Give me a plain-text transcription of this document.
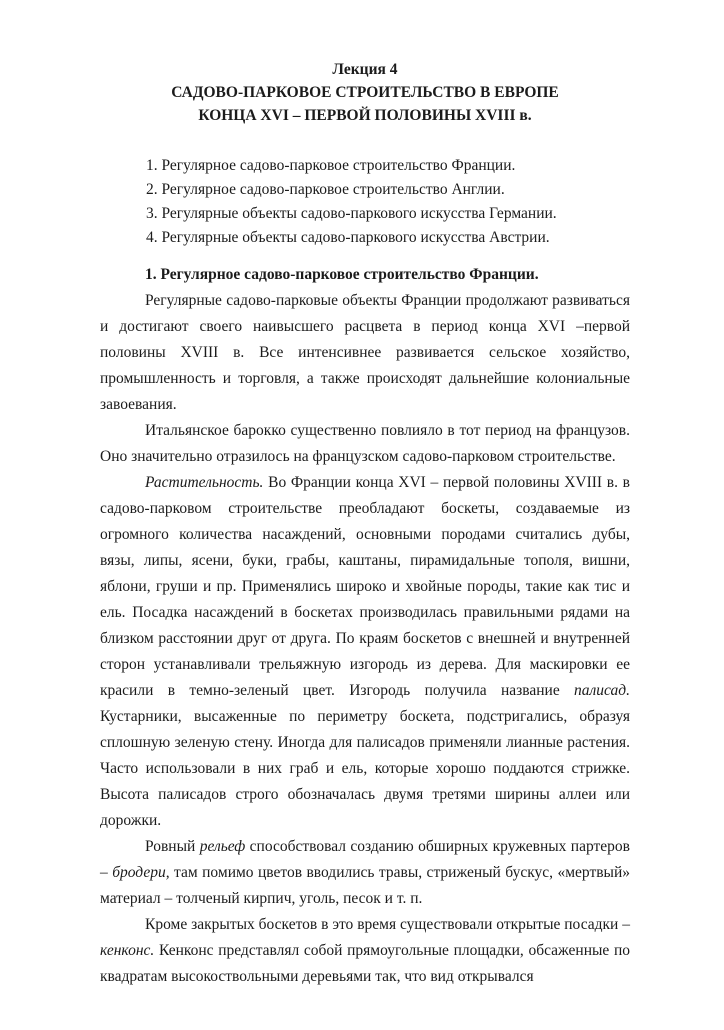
Лекция 4
САДОВО-ПАРКОВОЕ СТРОИТЕЛЬСТВО В ЕВРОПЕ
КОНЦА XVI – ПЕРВОЙ ПОЛОВИНЫ XVIII в.
1. Регулярное садово-парковое строительство Франции.
2. Регулярное садово-парковое строительство Англии.
3. Регулярные объекты садово-паркового искусства Германии.
4. Регулярные объекты садово-паркового искусства Австрии.
1. Регулярное садово-парковое строительство Франции.

Регулярные садово-парковые объекты Франции продолжают развиваться и достигают своего наивысшего расцвета в период конца XVI –первой половины XVIII в. Все интенсивнее развивается сельское хозяйство, промышленность и торговля, а также происходят дальнейшие колониальные завоевания.

Итальянское барокко существенно повлияло в тот период на французов. Оно значительно отразилось на французском садово-парковом строительстве.

Растительность. Во Франции конца XVI – первой половины XVIII в. в садово-парковом строительстве преобладают боскеты, создаваемые из огромного количества насаждений, основными породами считались дубы, вязы, липы, ясени, буки, грабы, каштаны, пирамидальные тополя, вишни, яблони, груши и пр. Применялись широко и хвойные породы, такие как тис и ель. Посадка насаждений в боскетах производилась правильными рядами на близком расстоянии друг от друга. По краям боскетов с внешней и внутренней сторон устанавливали трельяжную изгородь из дерева. Для маскировки ее красили в темно-зеленый цвет. Изгородь получила название палисад. Кустарники, высаженные по периметру боскета, подстригались, образуя сплошную зеленую стену. Иногда для палисадов применяли лианные растения. Часто использовали в них граб и ель, которые хорошо поддаются стрижке. Высота палисадов строго обозначалась двумя третями ширины аллеи или дорожки.

Ровный рельеф способствовал созданию обширных кружевных партеров – бродери, там помимо цветов вводились травы, стриженый бускус, «мертвый» материал – толченый кирпич, уголь, песок и т. п.

Кроме закрытых боскетов в это время существовали открытые посадки – кенконс. Кенконс представлял собой прямоугольные площадки, обсаженные по квадратам высокоствольными деревьями так, что вид открывался
